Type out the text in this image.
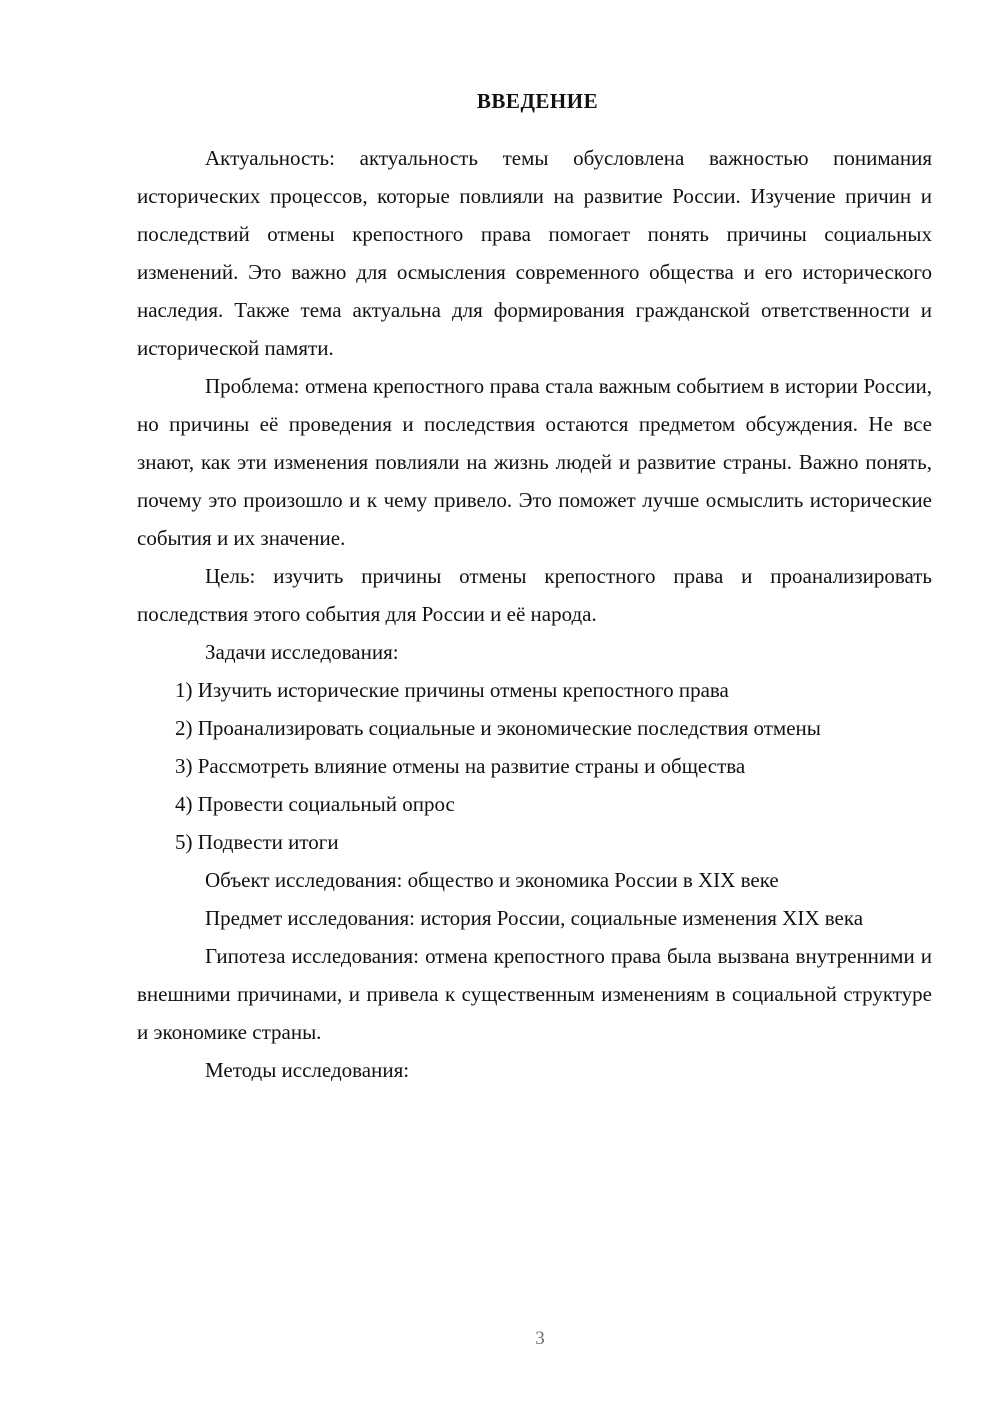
ВВЕДЕНИЕ

Актуальность: актуальность темы обусловлена важностью понимания исторических процессов, которые повлияли на развитие России. Изучение причин и последствий отмены крепостного права помогает понять причины социальных изменений. Это важно для осмысления современного общества и его исторического наследия. Также тема актуальна для формирования гражданской ответственности и исторической памяти.

Проблема: отмена крепостного права стала важным событием в истории России, но причины её проведения и последствия остаются предметом обсуждения. Не все знают, как эти изменения повлияли на жизнь людей и развитие страны. Важно понять, почему это произошло и к чему привело. Это поможет лучше осмыслить исторические события и их значение.

Цель: изучить причины отмены крепостного права и проанализировать последствия этого события для России и её народа.

Задачи исследования:

1) Изучить исторические причины отмены крепостного права

2) Проанализировать социальные и экономические последствия отмены

3) Рассмотреть влияние отмены на развитие страны и общества

4) Провести социальный опрос

5) Подвести итоги

Объект исследования: общество и экономика России в XIX веке

Предмет исследования: история России, социальные изменения XIX века

Гипотеза исследования: отмена крепостного права была вызвана внутренними и внешними причинами, и привела к существенным изменениям в социальной структуре и экономике страны.

Методы исследования:

3
